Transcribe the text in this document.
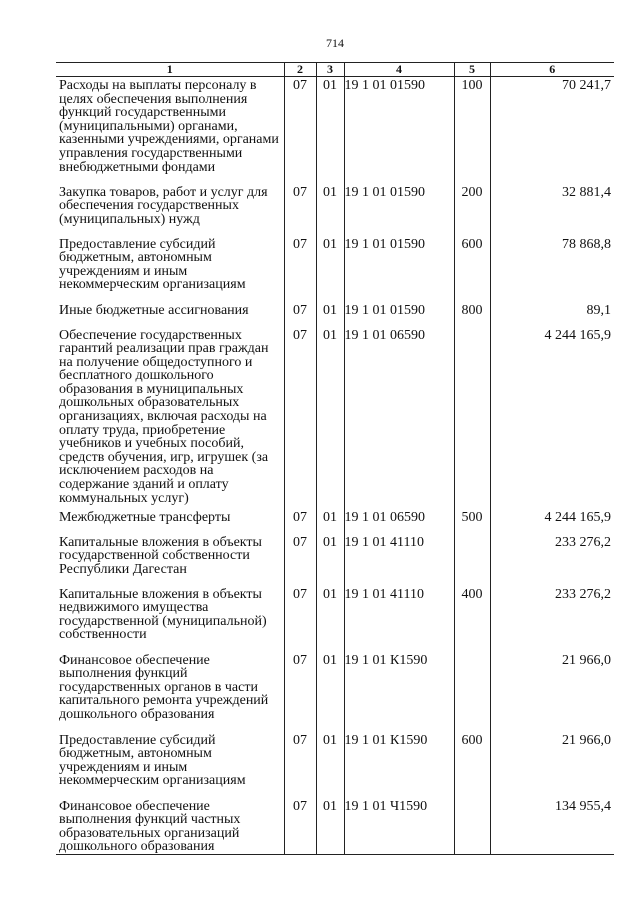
714
1	2	3	4	5	6
Расходы на выплаты персоналу в целях обеспечения выполнения функций государственными (муниципальными) органами, казенными учреждениями, органами управления государственными внебюджетными фондами	07	01	19 1 01 01590	100	70 241,7
Закупка товаров, работ и услуг для обеспечения государственных (муниципальных) нужд	07	01	19 1 01 01590	200	32 881,4
Предоставление субсидий бюджетным, автономным учреждениям и иным некоммерческим организациям	07	01	19 1 01 01590	600	78 868,8
Иные бюджетные ассигнования	07	01	19 1 01 01590	800	89,1
Обеспечение государственных гарантий реализации прав граждан на получение общедоступного и бесплатного дошкольного образования в муниципальных дошкольных образовательных организациях, включая расходы на оплату труда, приобретение учебников и учебных пособий, средств обучения, игр, игрушек (за исключением расходов на содержание зданий и оплату коммунальных услуг)	07	01	19 1 01 06590		4 244 165,9
Межбюджетные трансферты	07	01	19 1 01 06590	500	4 244 165,9
Капитальные вложения в объекты государственной собственности Республики Дагестан	07	01	19 1 01 41110		233 276,2
Капитальные вложения в объекты недвижимого имущества государственной (муниципальной) собственности	07	01	19 1 01 41110	400	233 276,2
Финансовое обеспечение выполнения функций государственных органов в части капитального ремонта учреждений дошкольного образования	07	01	19 1 01 К1590		21 966,0
Предоставление субсидий бюджетным, автономным учреждениям и иным некоммерческим организациям	07	01	19 1 01 К1590	600	21 966,0
Финансовое обеспечение выполнения функций частных образовательных организаций дошкольного образования	07	01	19 1 01 Ч1590		134 955,4
